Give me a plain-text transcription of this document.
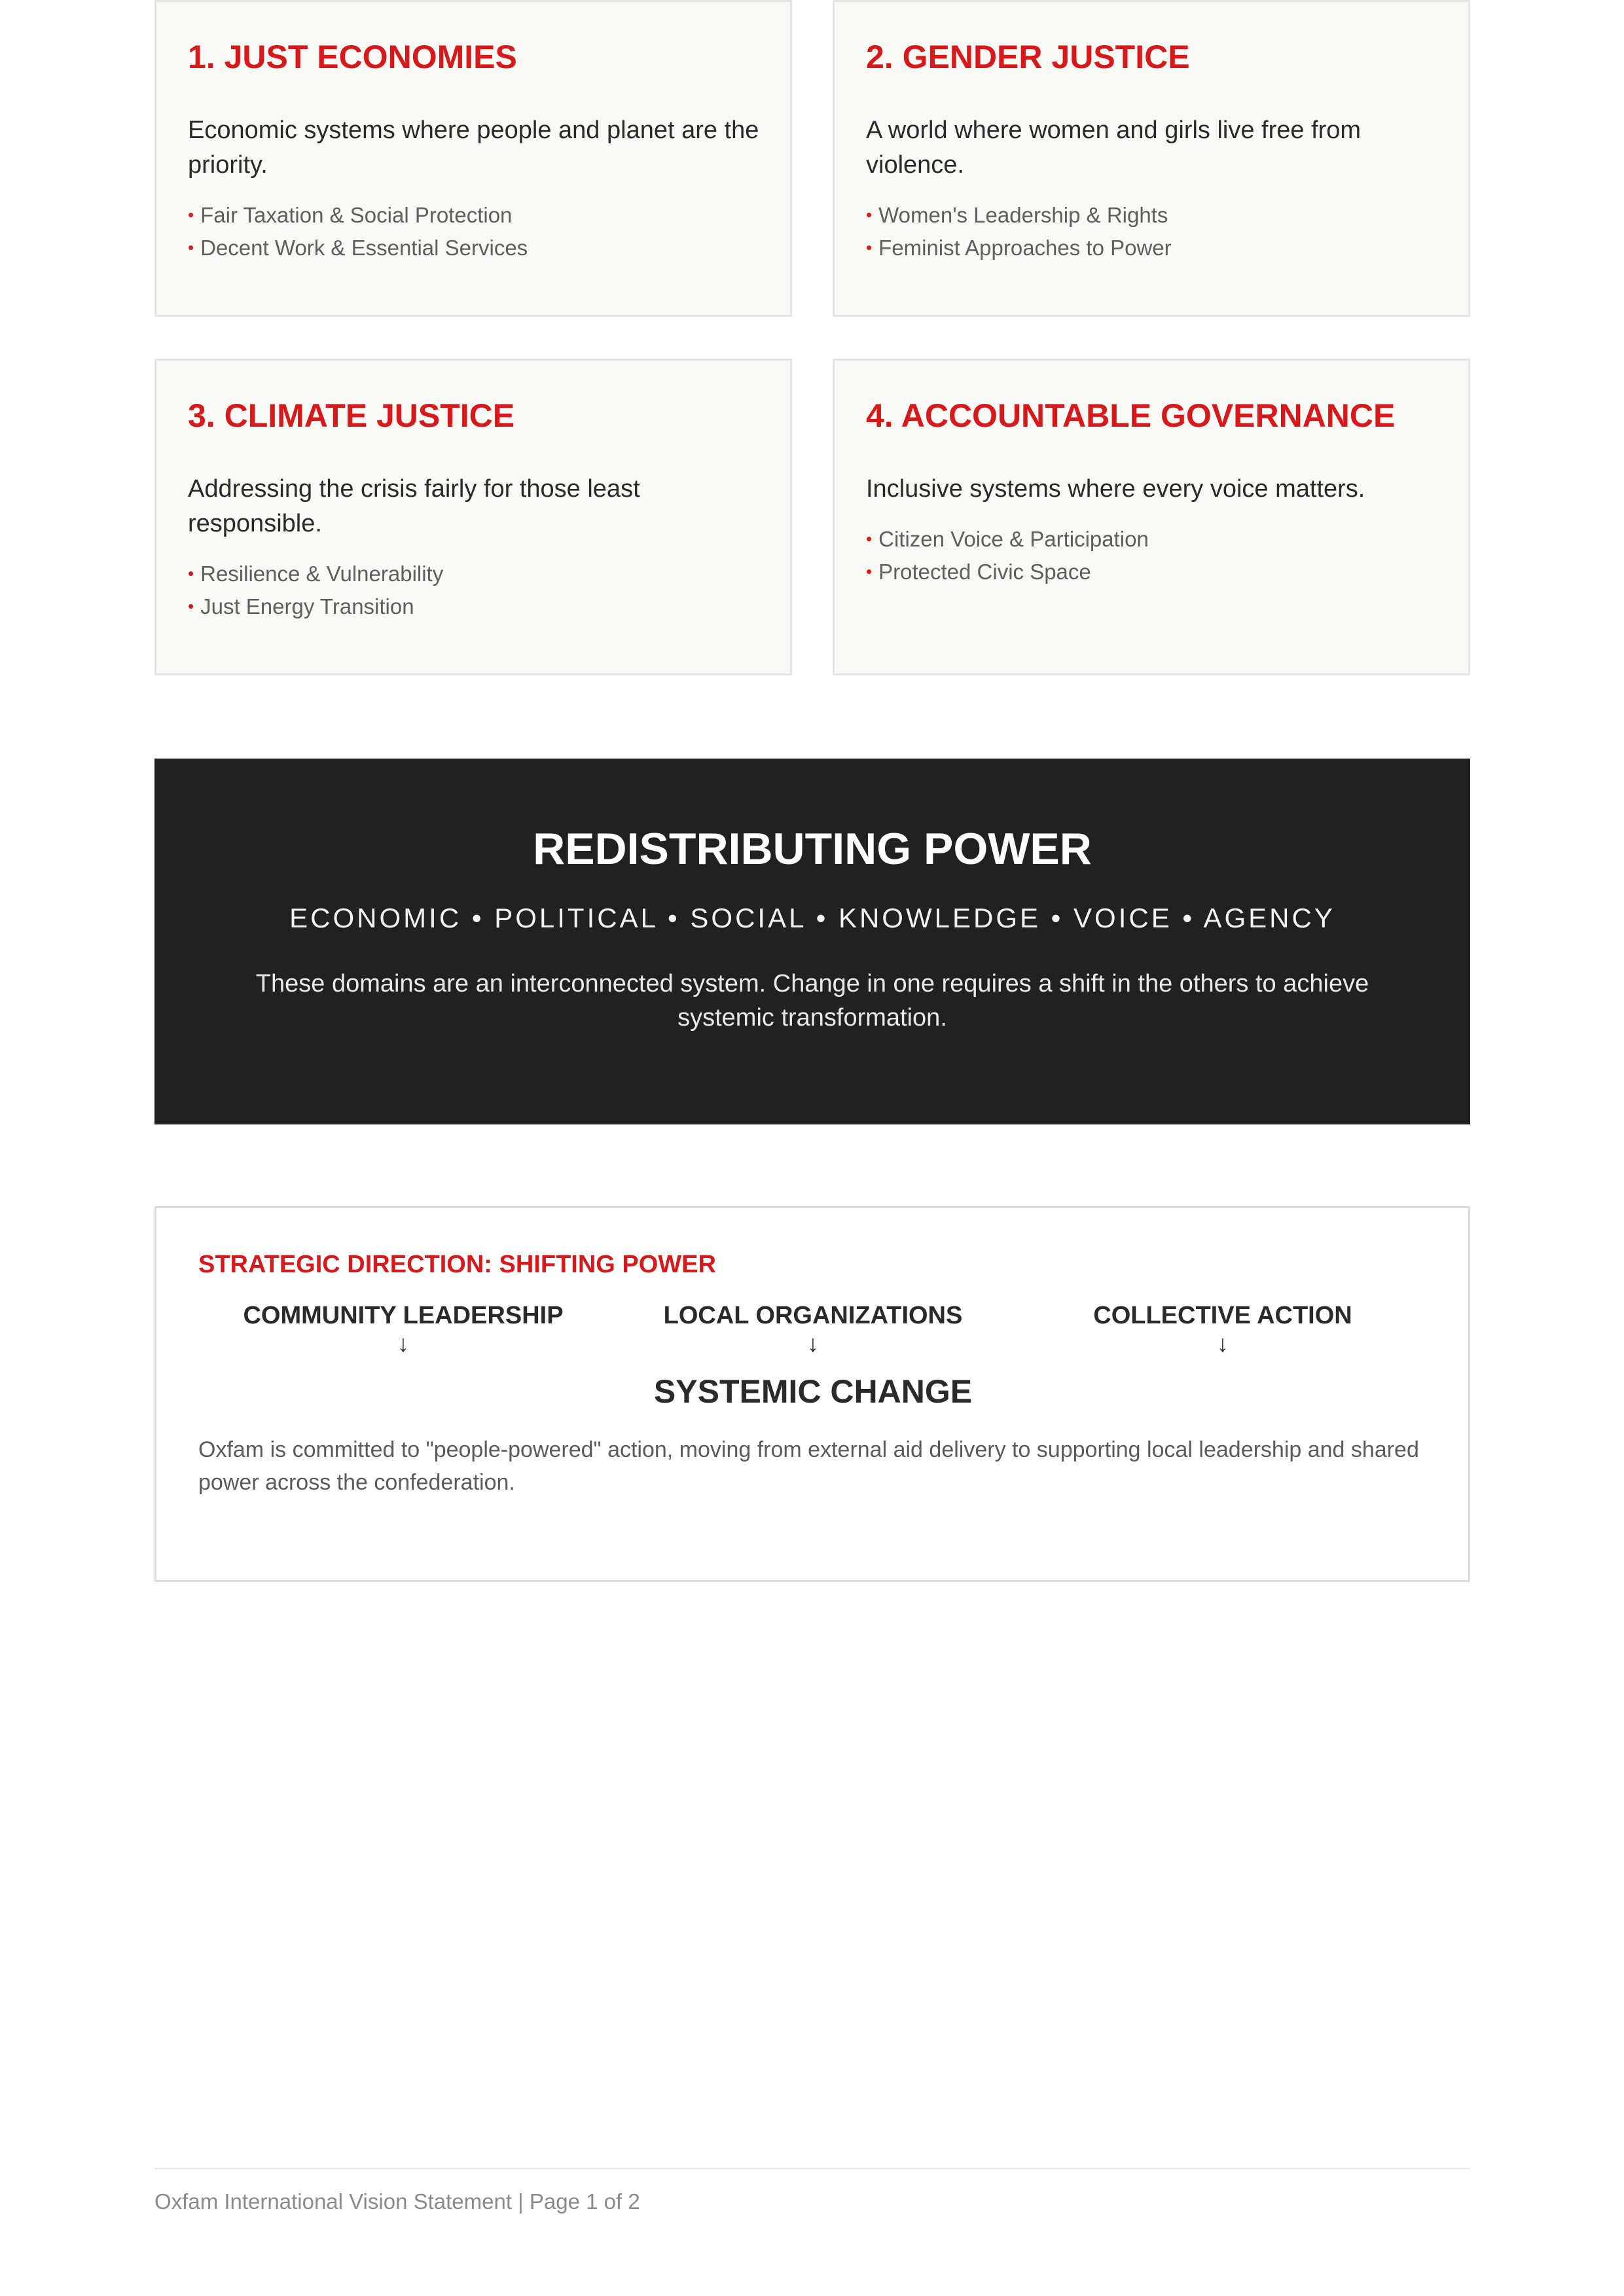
1. JUST ECONOMIES

Economic systems where people and planet are the priority.

• Fair Taxation & Social Protection
• Decent Work & Essential Services
2. GENDER JUSTICE

A world where women and girls live free from violence.

• Women's Leadership & Rights
• Feminist Approaches to Power
3. CLIMATE JUSTICE

Addressing the crisis fairly for those least responsible.

• Resilience & Vulnerability
• Just Energy Transition
4. ACCOUNTABLE GOVERNANCE

Inclusive systems where every voice matters.

• Citizen Voice & Participation
• Protected Civic Space
REDISTRIBUTING POWER
ECONOMIC • POLITICAL • SOCIAL • KNOWLEDGE • VOICE • AGENCY

These domains are an interconnected system. Change in one requires a shift in the others to achieve systemic transformation.

STRATEGIC DIRECTION: SHIFTING POWER
COMMUNITY LEADERSHIP
↓
LOCAL ORGANIZATIONS
↓
COLLECTIVE ACTION
↓
SYSTEMIC CHANGE

Oxfam is committed to "people-powered" action, moving from external aid delivery to supporting local leadership and shared power across the confederation.

Oxfam International Vision Statement | Page 1 of 2
